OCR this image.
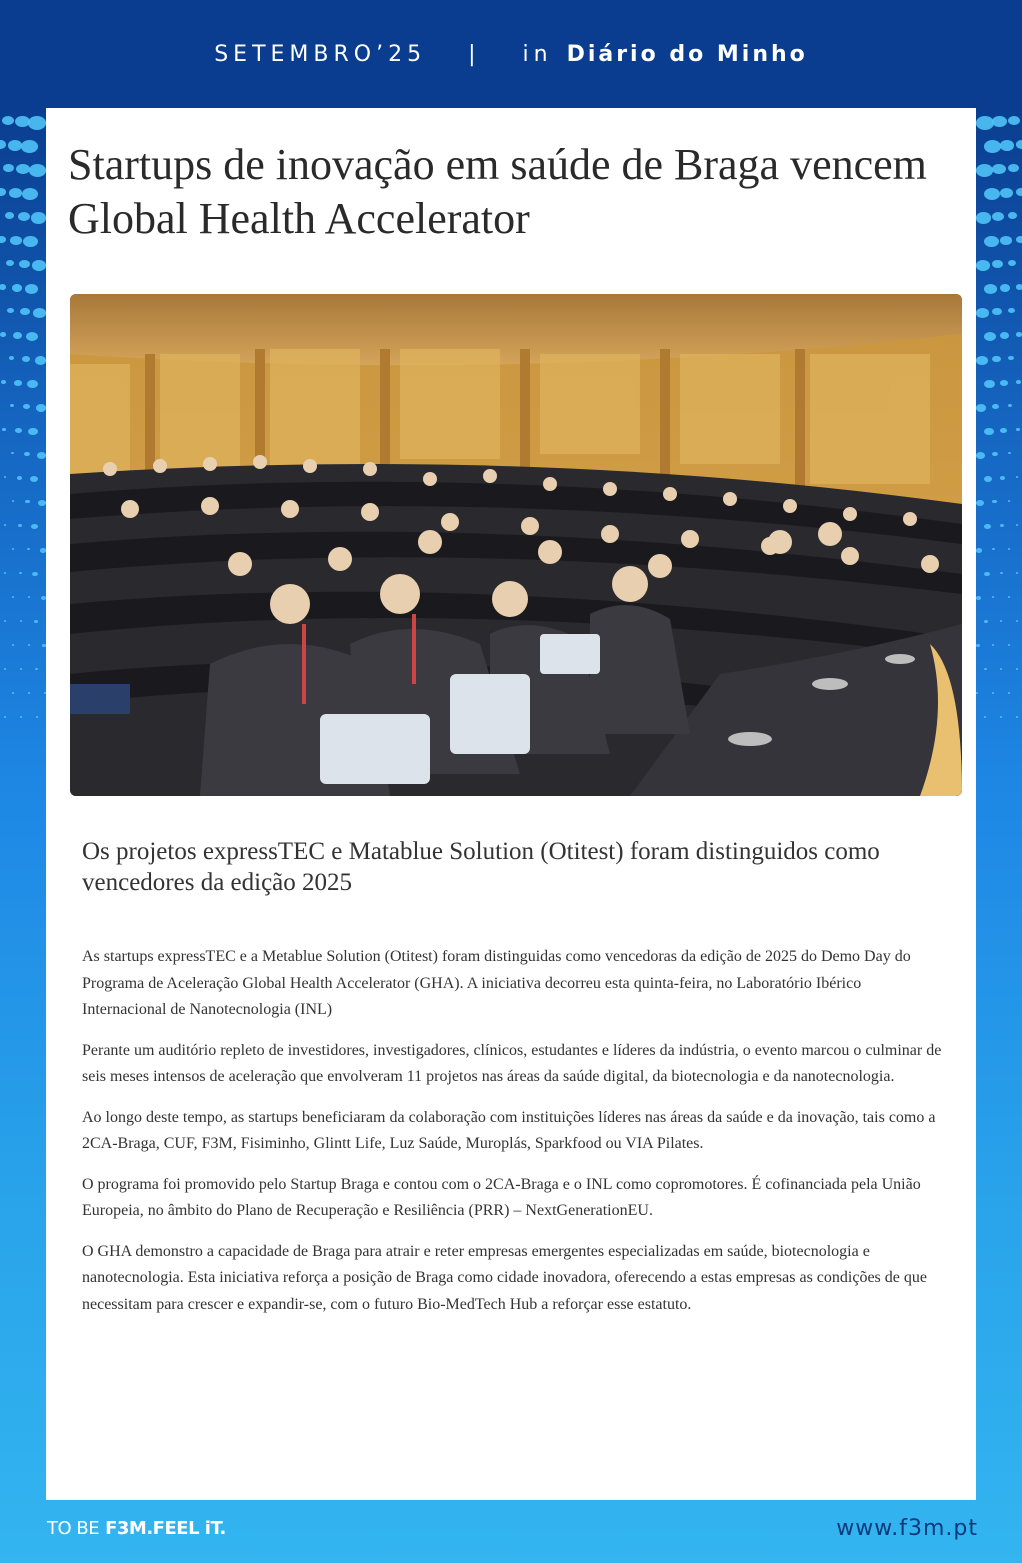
SETEMBRO’25 | in Diário do Minho
Startups de inovação em saúde de Braga vencem Global Health Accelerator
Os projetos expressTEC e Matablue Solution (Otitest) foram distinguidos como vencedores da edição 2025

As startups expressTEC e a Metablue Solution (Otitest) foram distinguidas como vencedoras da edição de 2025 do Demo Day do Programa de Aceleração Global Health Accelerator (GHA). A iniciativa decorreu esta quinta-feira, no Laboratório Ibérico Internacional de Nanotecnologia (INL)

Perante um auditório repleto de investidores, investigadores, clínicos, estudantes e líderes da indústria, o evento marcou o culminar de seis meses intensos de aceleração que envolveram 11 projetos nas áreas da saúde digital, da biotecnologia e da nanotecnologia.

Ao longo deste tempo, as startups beneficiaram da colaboração com instituições líderes nas áreas da saúde e da inovação, tais como a 2CA-Braga, CUF, F3M, Fisiminho, Glintt Life, Luz Saúde, Muroplás, Sparkfood ou VIA Pilates.

O programa foi promovido pelo Startup Braga e contou com o 2CA-Braga e o INL como copromotores. É cofinanciada pela União Europeia, no âmbito do Plano de Recuperação e Resiliência (PRR) – NextGenerationEU.

O GHA demonstro a capacidade de Braga para atrair e reter empresas emergentes especializadas em saúde, biotecnologia e nanotecnologia. Esta iniciativa reforça a posição de Braga como cidade inovadora, oferecendo a estas empresas as condições de que necessitam para crescer e expandir-se, com o futuro Bio-MedTech Hub a reforçar esse estatuto.

TO BE F3M.FEEL iT.	www.f3m.pt
